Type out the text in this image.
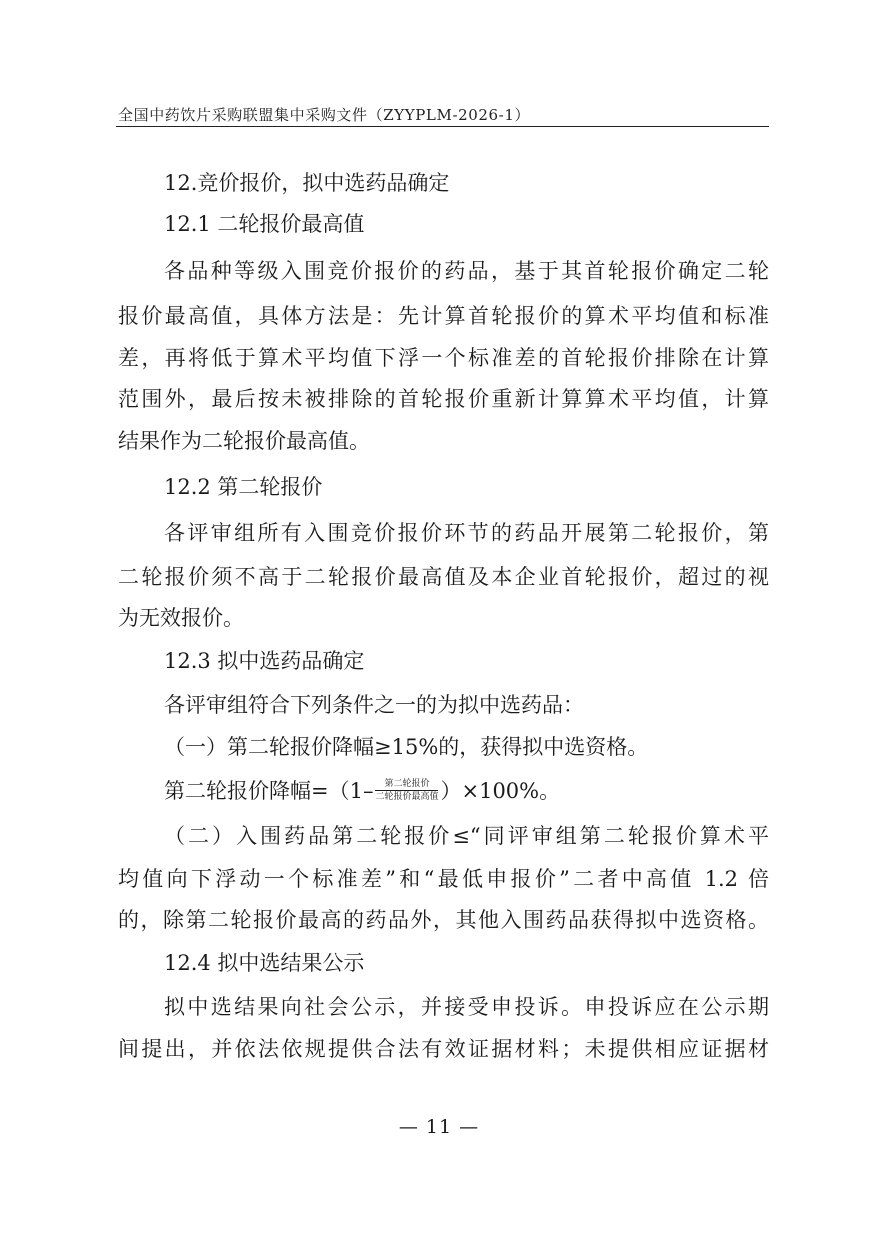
全国中药饮片采购联盟集中采购文件（ZYYPLM-2026-1）
12.竞价报价，拟中选药品确定
12.1 二轮报价最高值
各品种等级入围竞价报价的药品，基于其首轮报价确定二轮
报价最高值，具体方法是：先计算首轮报价的算术平均值和标准
差，再将低于算术平均值下浮一个标准差的首轮报价排除在计算
范围外，最后按未被排除的首轮报价重新计算算术平均值，计算
结果作为二轮报价最高值。
12.2 第二轮报价
各评审组所有入围竞价报价环节的药品开展第二轮报价，第
二轮报价须不高于二轮报价最高值及本企业首轮报价，超过的视
为无效报价。
12.3 拟中选药品确定
各评审组符合下列条件之一的为拟中选药品：
（一）第二轮报价降幅≥15%的，获得拟中选资格。
第二轮报价降幅$=(1- \frac{\text{第二轮报价}}{\text{二轮报价最高值}} )\times 100\%$。
（二）入围药品第二轮报价≤“同评审组第二轮报价算术平
均值向下浮动一个标准差”和“最低申报价”二者中高值 1.2 倍
的，除第二轮报价最高的药品外，其他入围药品获得拟中选资格。
12.4 拟中选结果公示
拟中选结果向社会公示，并接受申投诉。申投诉应在公示期
间提出，并依法依规提供合法有效证据材料；未提供相应证据材
— 11 —
